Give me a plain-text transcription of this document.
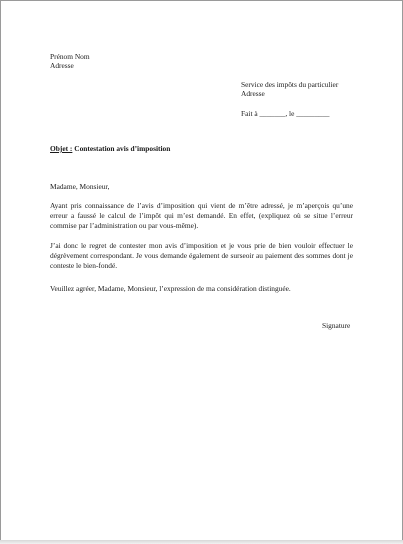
Prénom Nom
Adresse
Service des impôts du particulier
Adresse
Fait à _______, le _________
Objet : Contestation avis d’imposition
Madame, Monsieur,
Ayant pris connaissance de l’avis d’imposition qui vient de m’être adressé, je m’aperçois qu’une erreur a faussé le calcul de l’impôt qui m’est demandé. En effet, (expliquez où se situe l’erreur commise par l’administration ou par vous-même).
J’ai donc le regret de contester mon avis d’imposition et je vous prie de bien vouloir effectuer le dégrèvement correspondant. Je vous demande également de surseoir au paiement des sommes dont je conteste le bien-fondé.
Veuillez agréer, Madame, Monsieur, l’expression de ma considération distinguée.
Signature
